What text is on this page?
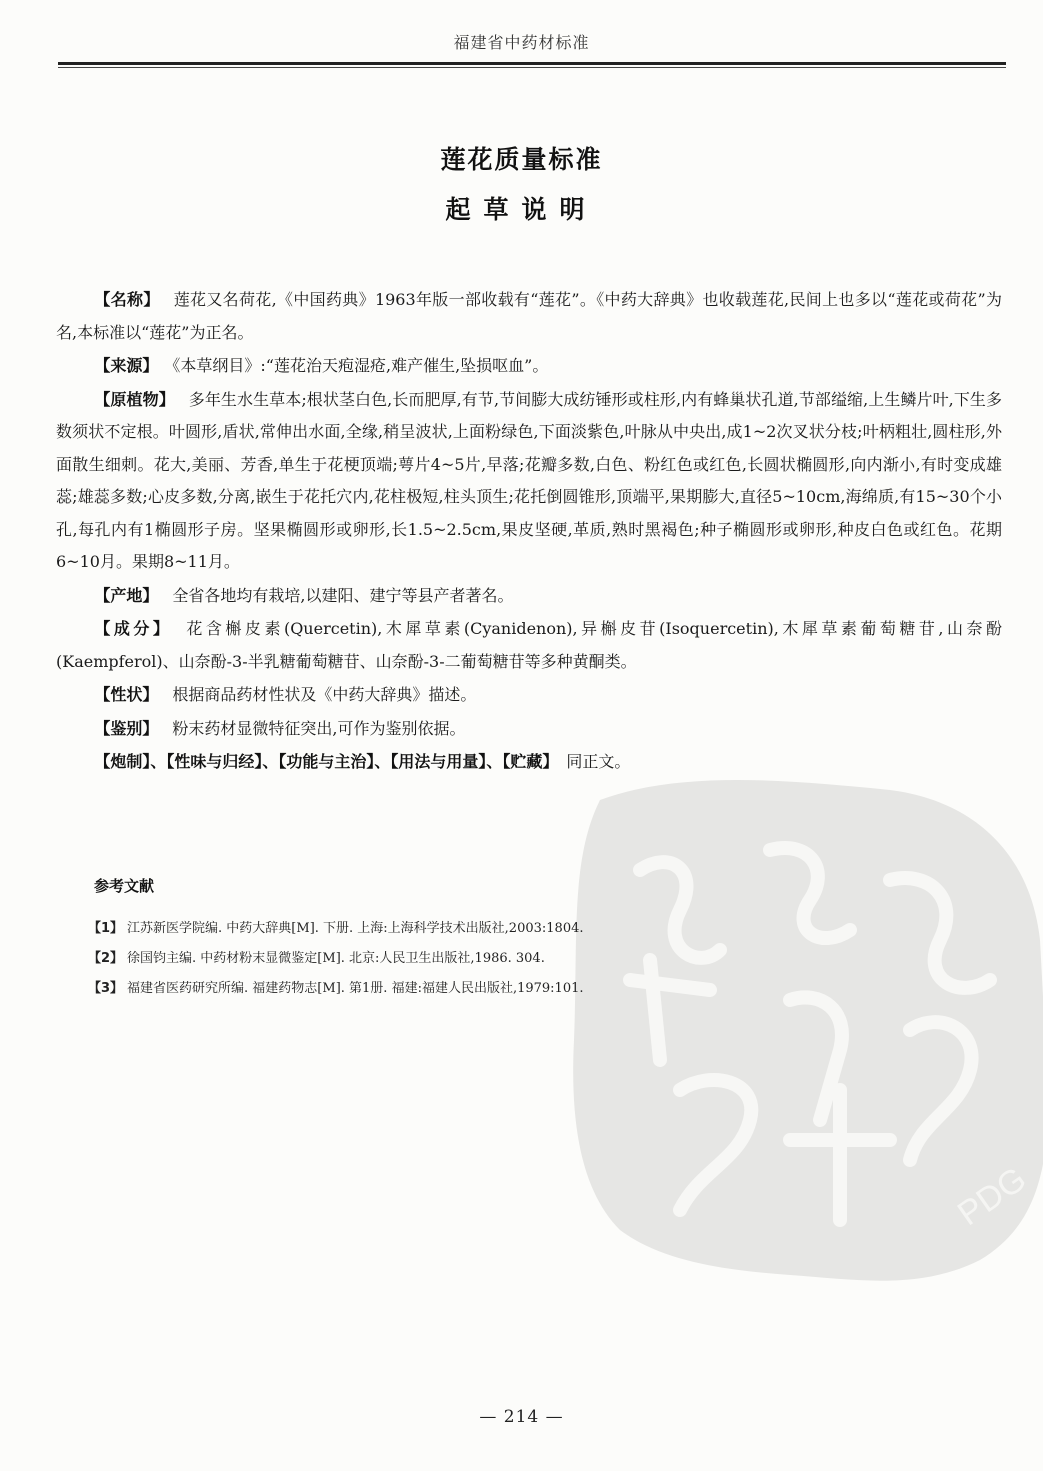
福建省中药材标准
PDG
莲花质量标准
起草说明

【名称】 莲花又名荷花,《中国药典》1963年版一部收载有“莲花”。《中药大辞典》也收载莲花,民间上也多以“莲花或荷花”为名,本标准以“莲花”为正名。

【来源】 《本草纲目》:“莲花治天疱湿疮,难产催生,坠损呕血”。

【原植物】 多年生水生草本;根状茎白色,长而肥厚,有节,节间膨大成纺锤形或柱形,内有蜂巢状孔道,节部缢缩,上生鳞片叶,下生多数须状不定根。叶圆形,盾状,常伸出水面,全缘,稍呈波状,上面粉绿色,下面淡紫色,叶脉从中央出,成1~2次叉状分枝;叶柄粗壮,圆柱形,外面散生细刺。花大,美丽、芳香,单生于花梗顶端;萼片4~5片,早落;花瓣多数,白色、粉红色或红色,长圆状椭圆形,向内渐小,有时变成雄蕊;雄蕊多数;心皮多数,分离,嵌生于花托穴内,花柱极短,柱头顶生;花托倒圆锥形,顶端平,果期膨大,直径5~10cm,海绵质,有15~30个小孔,每孔内有1椭圆形子房。坚果椭圆形或卵形,长1.5~2.5cm,果皮坚硬,革质,熟时黑褐色;种子椭圆形或卵形,种皮白色或红色。花期6~10月。果期8~11月。

【产地】 全省各地均有栽培,以建阳、建宁等县产者著名。

【成分】 花含槲皮素(Quercetin),木犀草素(Cyanidenon),异槲皮苷(Isoquercetin),木犀草素葡萄糖苷,山奈酚(Kaempferol)、山奈酚-3-半乳糖葡萄糖苷、山奈酚-3-二葡萄糖苷等多种黄酮类。

【性状】 根据商品药材性状及《中药大辞典》描述。

【鉴别】 粉末药材显微特征突出,可作为鉴别依据。

【炮制】、【性味与归经】、【功能与主治】、【用法与用量】、【贮藏】 同正文。

参考文献
【1】 江苏新医学院编. 中药大辞典[M]. 下册. 上海:上海科学技术出版社,2003:1804.
【2】 徐国钧主编. 中药材粉末显微鉴定[M]. 北京:人民卫生出版社,1986. 304.
【3】 福建省医药研究所编. 福建药物志[M]. 第1册. 福建:福建人民出版社,1979:101.
— 214 —
